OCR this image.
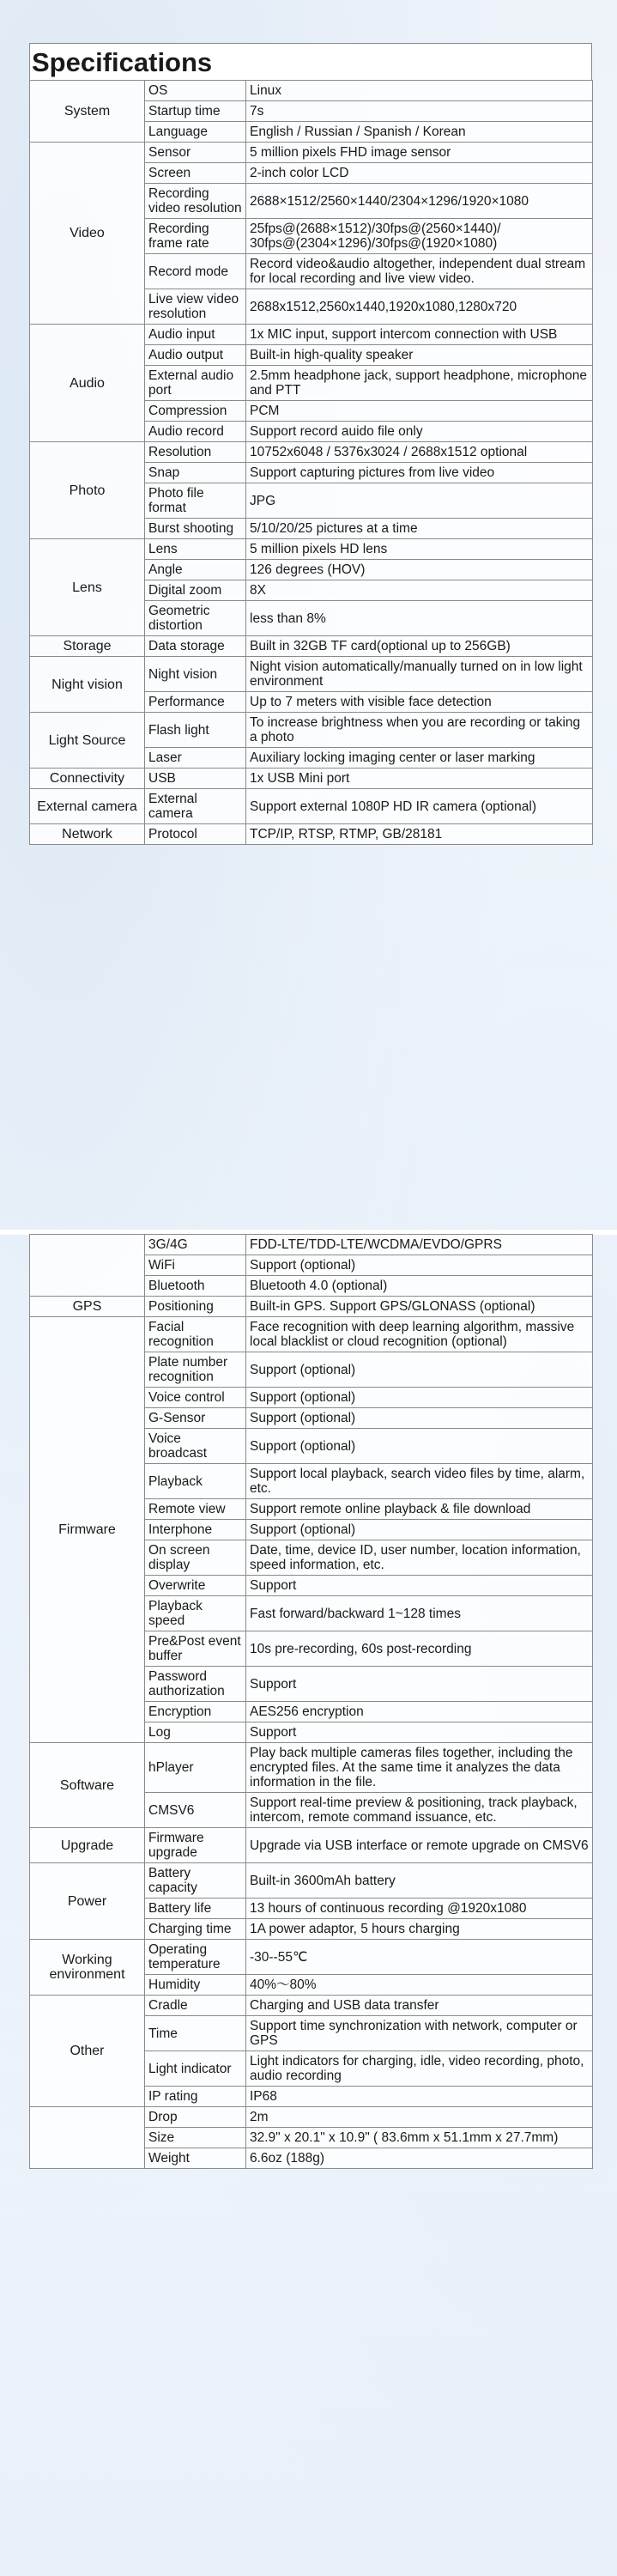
Specifications
System	OS	Linux
	Startup time	7s
	Language	English / Russian / Spanish / Korean
Video	Sensor	5 million pixels FHD image sensor
	Screen	2-inch color LCD
	Recording video resolution	2688×1512/2560×1440/2304×1296/1920×1080
	Recording frame rate	25fps@(2688×1512)/30fps@(2560×1440)/ 30fps@(2304×1296)/30fps@(1920×1080)
	Record mode	Record video&audio altogether, independent dual stream for local recording and live view video.
	Live view video resolution	2688x1512,2560x1440,1920x1080,1280x720
Audio	Audio input	1x MIC input, support intercom connection with USB
	Audio output	Built-in high-quality speaker
	External audio port	2.5mm headphone jack, support headphone, microphone and PTT
	Compression	PCM
	Audio record	Support record auido file only
Photo	Resolution	10752x6048 / 5376x3024 / 2688x1512 optional
	Snap	Support capturing pictures from live video
	Photo file format	JPG
	Burst shooting	5/10/20/25 pictures at a time
Lens	Lens	5 million pixels HD lens
	Angle	126 degrees (HOV)
	Digital zoom	8X
	Geometric distortion	less than 8%
Storage	Data storage	Built in 32GB TF card(optional up to 256GB)
Night vision	Night vision	Night vision automatically/manually turned on in low light environment
	Performance	Up to 7 meters with visible face detection
Light Source	Flash light	To increase brightness when you are recording or taking a photo
	Laser	Auxiliary locking imaging center or laser marking
Connectivity	USB	1x USB Mini port
External camera	External camera	Support external 1080P HD IR camera (optional)
Network	Protocol	TCP/IP, RTSP, RTMP, GB/28181
	3G/4G	FDD-LTE/TDD-LTE/WCDMA/EVDO/GPRS
	WiFi	Support (optional)
	Bluetooth	Bluetooth 4.0 (optional)
GPS	Positioning	Built-in GPS. Support GPS/GLONASS (optional)
Firmware	Facial recognition	Face recognition with deep learning algorithm, massive local blacklist or cloud recognition (optional)
	Plate number recognition	Support (optional)
	Voice control	Support (optional)
	G-Sensor	Support (optional)
	Voice broadcast	Support (optional)
	Playback	Support local playback, search video files by time, alarm, etc.
	Remote view	Support remote online playback & file download
	Interphone	Support (optional)
	On screen display	Date, time, device ID, user number, location information, speed information, etc.
	Overwrite	Support
	Playback speed	Fast forward/backward 1~128 times
	Pre&Post event buffer	10s pre-recording, 60s post-recording
	Password authorization	Support
	Encryption	AES256 encryption
	Log	Support
Software	hPlayer	Play back multiple cameras files together, including the encrypted files. At the same time it analyzes the data information in the file.
	CMSV6	Support real-time preview & positioning, track playback, intercom, remote command issuance, etc.
Upgrade	Firmware upgrade	Upgrade via USB interface or remote upgrade on CMSV6
Power	Battery capacity	Built-in 3600mAh battery
	Battery life	13 hours of continuous recording @1920x1080
	Charging time	1A power adaptor, 5 hours charging
Working environment	Operating temperature	-30--55℃
	Humidity	40%～80%
Other	Cradle	Charging and USB data transfer
	Time	Support time synchronization with network, computer or GPS
	Light indicator	Light indicators for charging, idle, video recording, photo, audio recording
	IP rating	IP68
	Drop	2m
	Size	32.9" x 20.1" x 10.9" ( 83.6mm x 51.1mm x 27.7mm)
	Weight	6.6oz (188g)
